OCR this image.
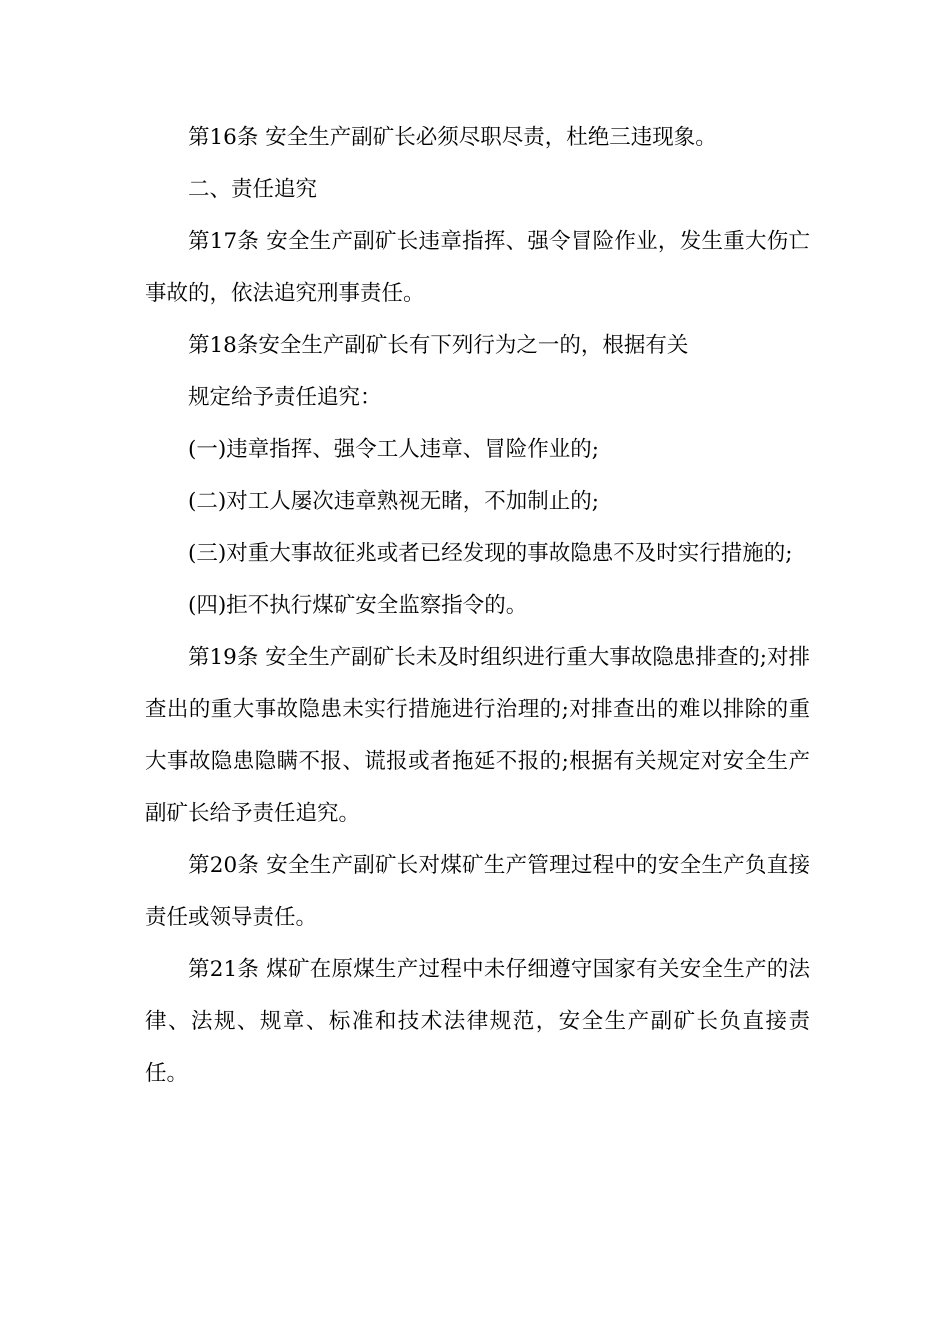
第16条 安全生产副矿长必须尽职尽责，杜绝三违现象。

二、责任追究

第17条 安全生产副矿长违章指挥、强令冒险作业，发生重大伤亡事故的，依法追究刑事责任。

第18条安全生产副矿长有下列行为之一的，根据有关

规定给予责任追究：

(一)违章指挥、强令工人违章、冒险作业的;

(二)对工人屡次违章熟视无睹，不加制止的;

(三)对重大事故征兆或者已经发现的事故隐患不及时实行措施的;

(四)拒不执行煤矿安全监察指令的。

第19条 安全生产副矿长未及时组织进行重大事故隐患排查的;对排查出的重大事故隐患未实行措施进行治理的;对排查出的难以排除的重大事故隐患隐瞒不报、谎报或者拖延不报的;根据有关规定对安全生产副矿长给予责任追究。

第20条 安全生产副矿长对煤矿生产管理过程中的安全生产负直接责任或领导责任。

第21条 煤矿在原煤生产过程中未仔细遵守国家有关安全生产的法律、法规、规章、标准和技术法律规范，安全生产副矿长负直接责任。
